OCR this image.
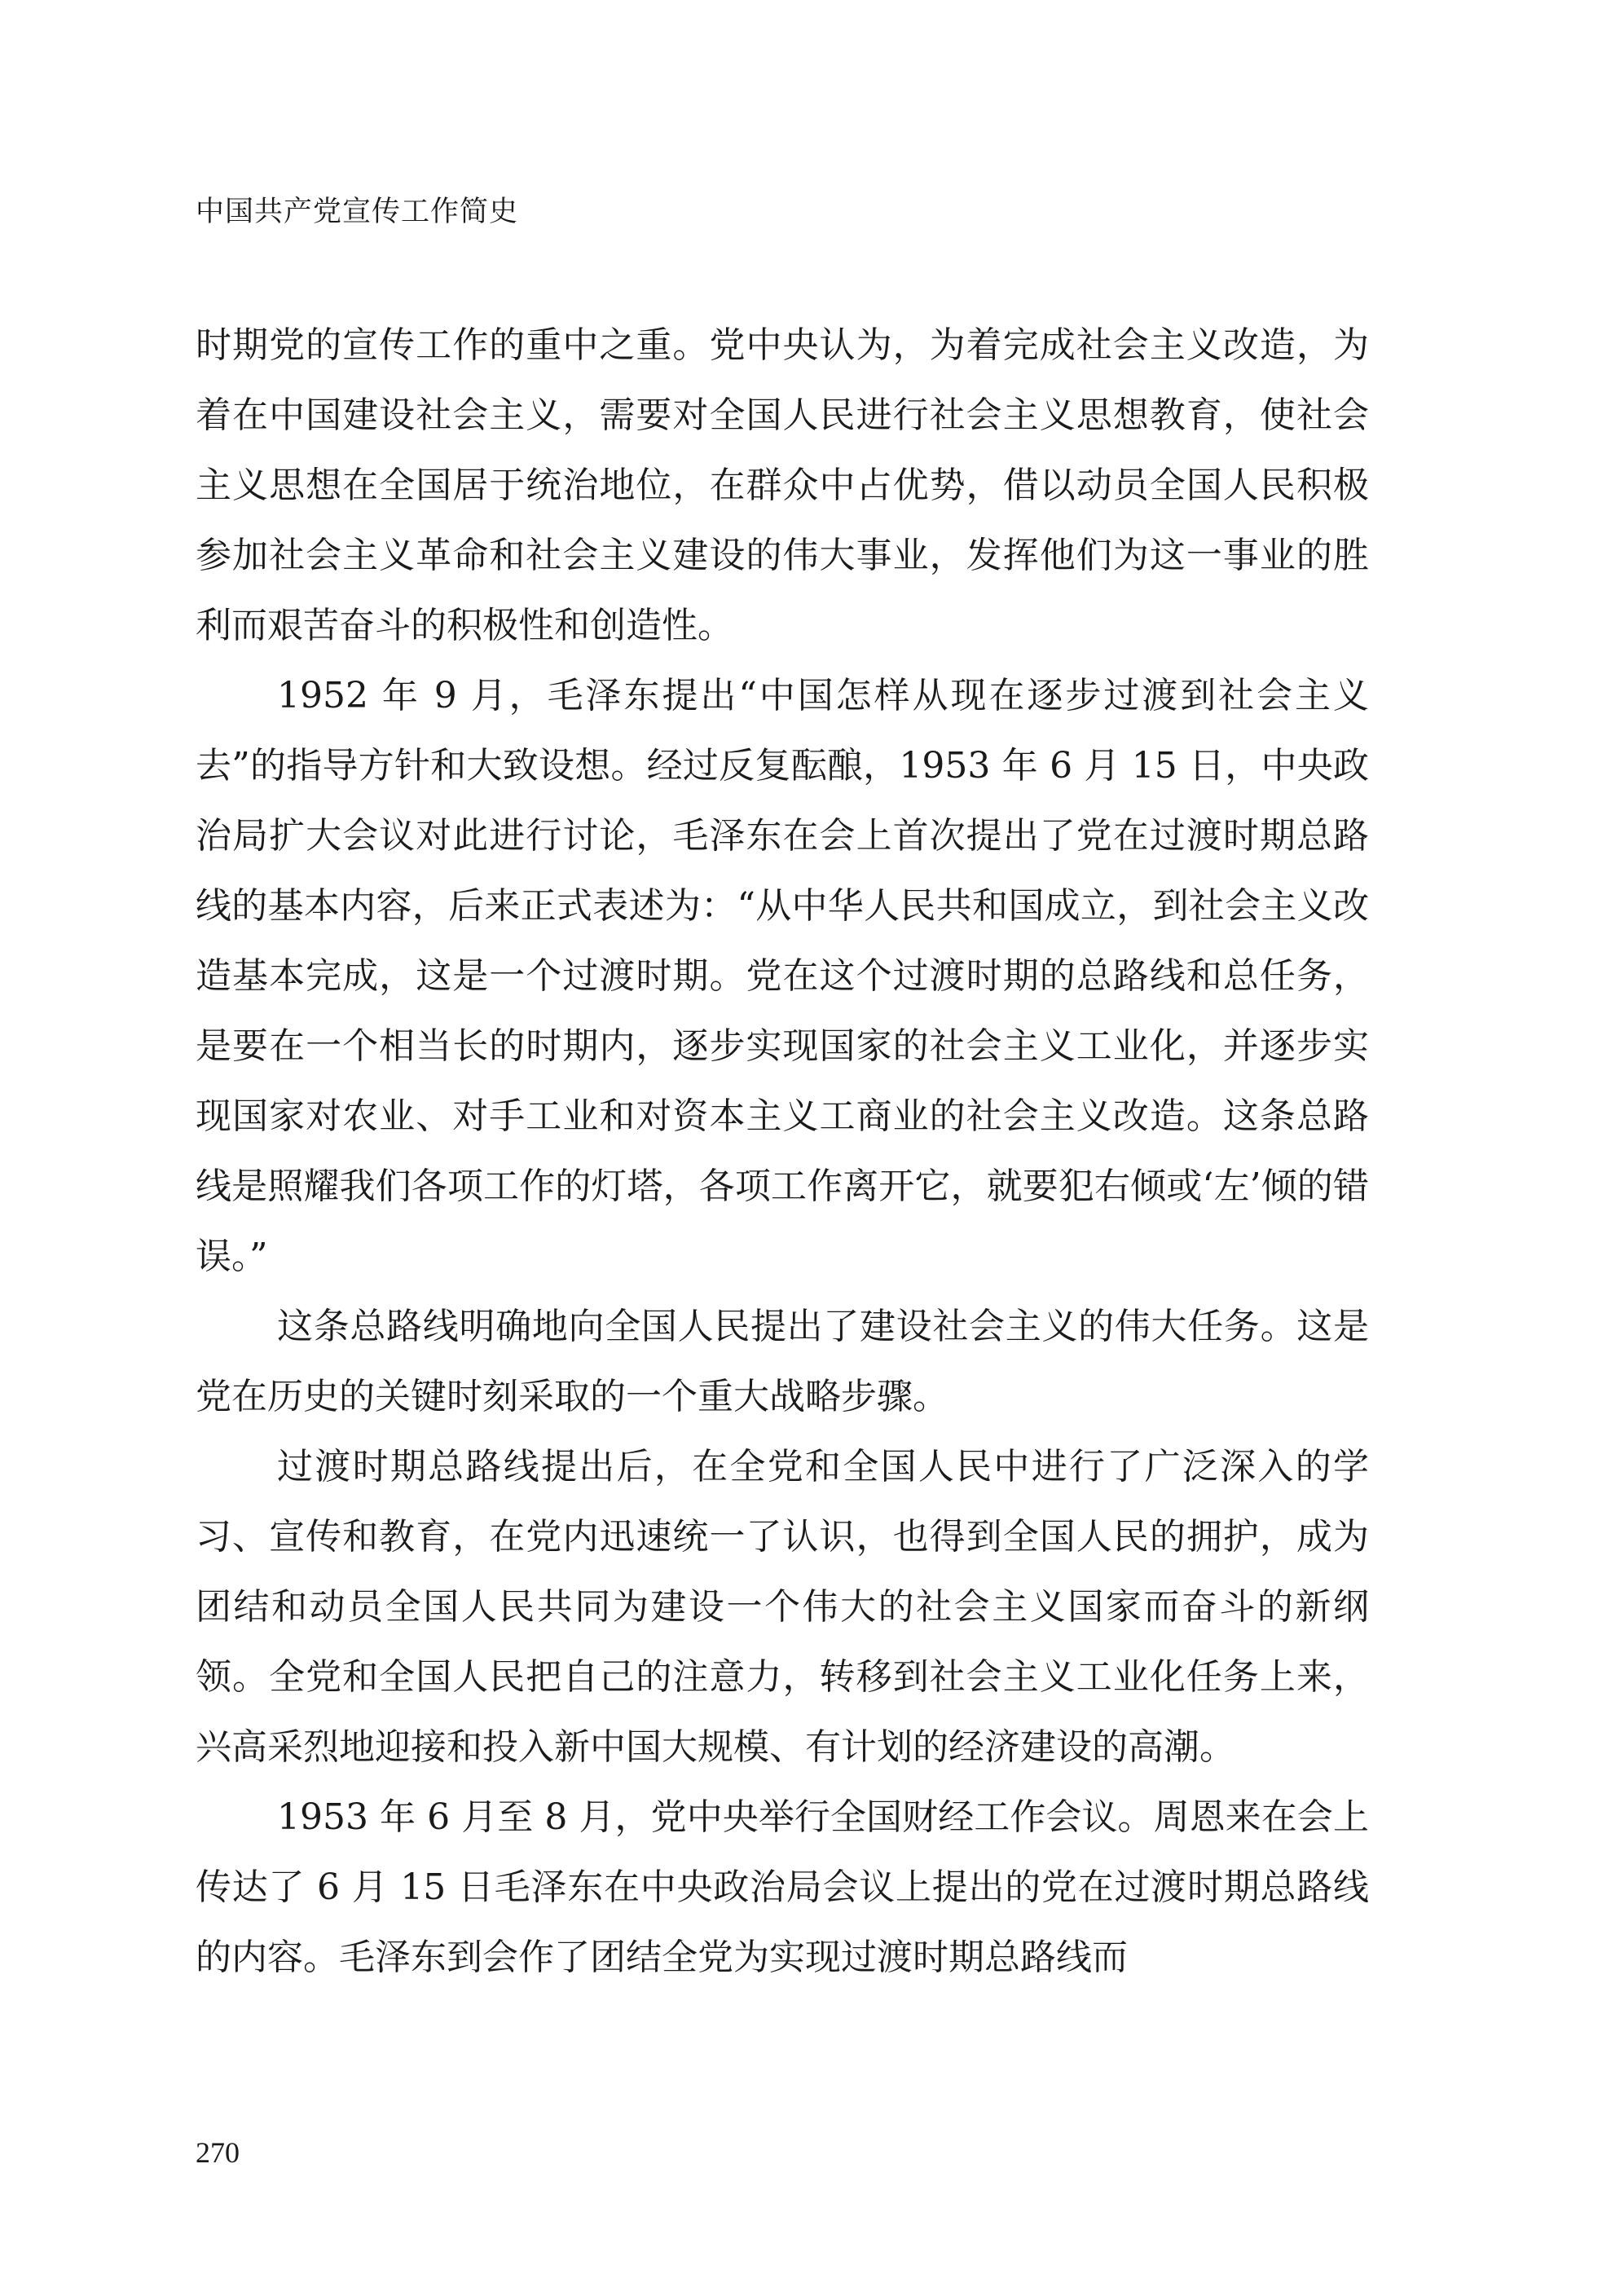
中国共产党宣传工作简史

时期党的宣传工作的重中之重。党中央认为，为着完成社会主义改造，为着在中国建设社会主义，需要对全国人民进行社会主义思想教育，使社会主义思想在全国居于统治地位，在群众中占优势，借以动员全国人民积极参加社会主义革命和社会主义建设的伟大事业，发挥他们为这一事业的胜利而艰苦奋斗的积极性和创造性。

1952 年 9 月，毛泽东提出“中国怎样从现在逐步过渡到社会主义去”的指导方针和大致设想。经过反复酝酿，1953 年 6 月 15 日，中央政治局扩大会议对此进行讨论，毛泽东在会上首次提出了党在过渡时期总路线的基本内容，后来正式表述为：“从中华人民共和国成立，到社会主义改造基本完成，这是一个过渡时期。党在这个过渡时期的总路线和总任务，是要在一个相当长的时期内，逐步实现国家的社会主义工业化，并逐步实现国家对农业、对手工业和对资本主义工商业的社会主义改造。这条总路线是照耀我们各项工作的灯塔，各项工作离开它，就要犯右倾或‘左’倾的错误。”

这条总路线明确地向全国人民提出了建设社会主义的伟大任务。这是党在历史的关键时刻采取的一个重大战略步骤。

过渡时期总路线提出后，在全党和全国人民中进行了广泛深入的学习、宣传和教育，在党内迅速统一了认识，也得到全国人民的拥护，成为团结和动员全国人民共同为建设一个伟大的社会主义国家而奋斗的新纲领。全党和全国人民把自己的注意力，转移到社会主义工业化任务上来，兴高采烈地迎接和投入新中国大规模、有计划的经济建设的高潮。

1953 年 6 月至 8 月，党中央举行全国财经工作会议。周恩来在会上传达了 6 月 15 日毛泽东在中央政治局会议上提出的党在过渡时期总路线的内容。毛泽东到会作了团结全党为实现过渡时期总路线而

270
